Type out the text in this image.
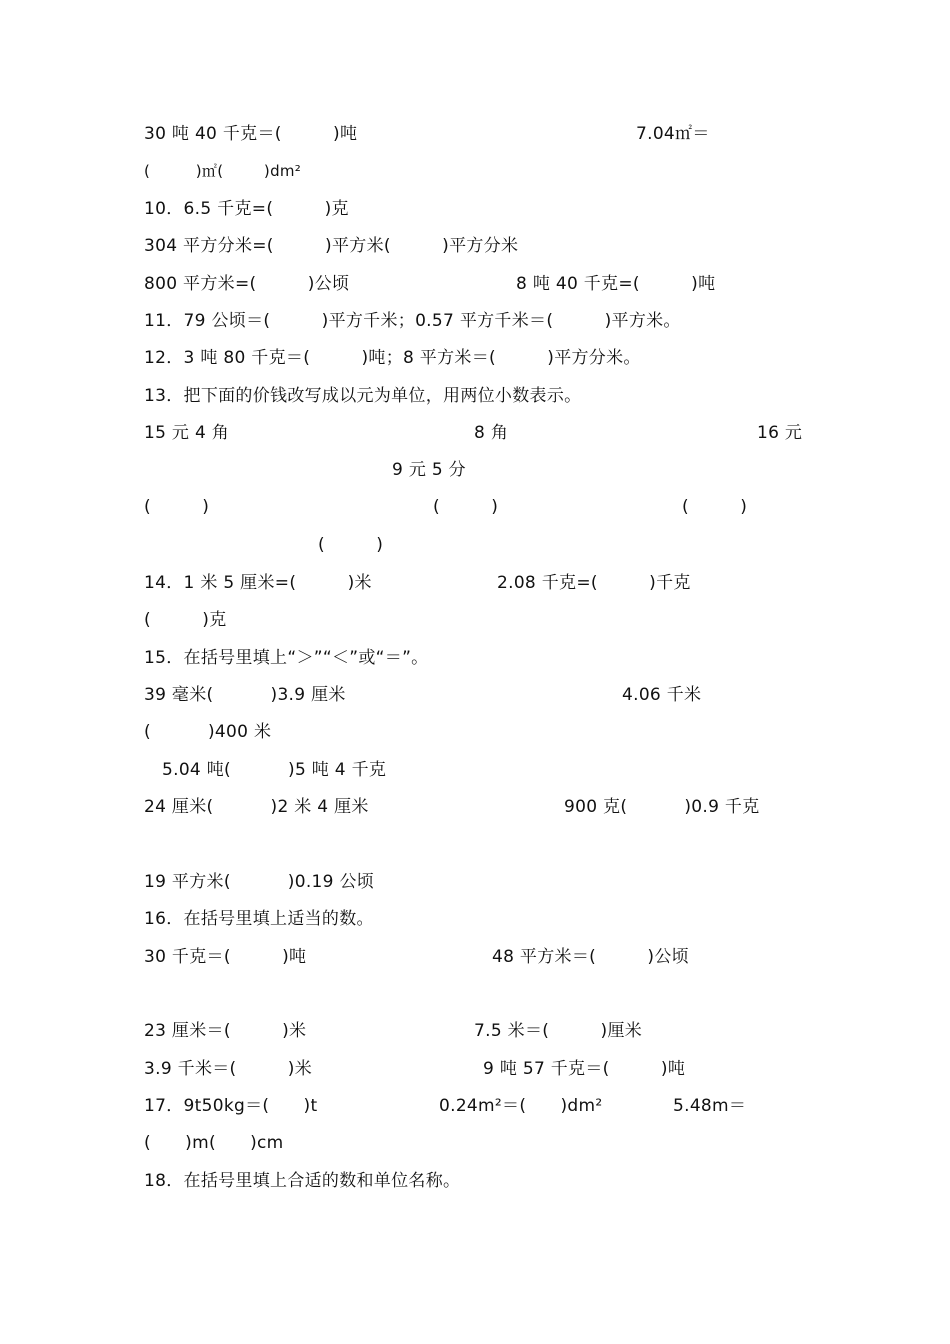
30 吨 40 千克＝(         )吨	7.04㎡＝
(         )㎡(        )dm²
10．6.5 千克=(         )克
304 平方分米=(         )平方米(         )平方分米
800 平方米=(         )公顷	8 吨 40 千克=(         )吨
11．79 公顷＝(         )平方千米；0.57 平方千米＝(         )平方米。
12．3 吨 80 千克＝(         )吨；8 平方米＝(         )平方分米。
13．把下面的价钱改写成以元为单位，用两位小数表示。
15 元 4 角	8 角	16 元
9 元 5 分
(         )	(         )	(         )
(         )
14．1 米 5 厘米=(         )米	2.08 千克=(         )千克
(         )克
15．在括号里填上“＞”“＜”或“＝”。
39 毫米(          )3.9 厘米	4.06 千米
(          )400 米
5.04 吨(          )5 吨 4 千克
24 厘米(          )2 米 4 厘米	900 克(          )0.9 千克
19 平方米(          )0.19 公顷
16．在括号里填上适当的数。
30 千克＝(         )吨	48 平方米＝(         )公顷
23 厘米＝(         )米	7.5 米＝(         )厘米
3.9 千米＝(         )米	9 吨 57 千克＝(         )吨
17．9t50kg＝(      )t	0.24m²＝(      )dm²	5.48m＝
(      )m(      )cm
18．在括号里填上合适的数和单位名称。
